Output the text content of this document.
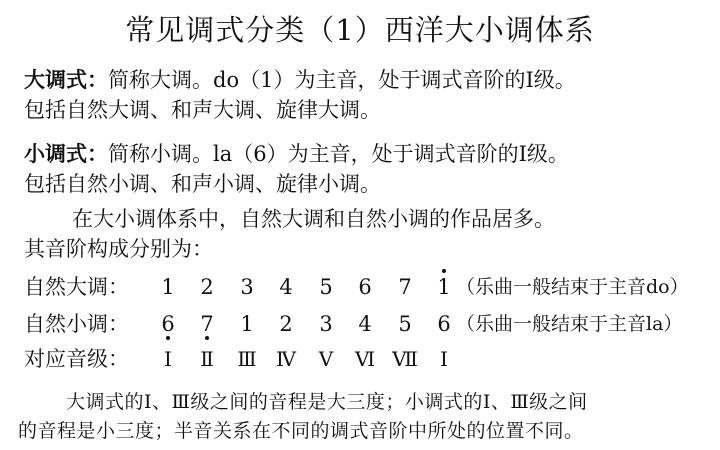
常见调式分类（1）西洋大小调体系
大调式：简称大调。do（1）为主音，处于调式音阶的Ⅰ级。
包括自然大调、和声大调、旋律大调。
小调式：简称小调。la（6）为主音，处于调式音阶的Ⅰ级。
包括自然小调、和声小调、旋律小调。
在大小调体系中，自然大调和自然小调的作品居多。
其音阶构成分别为：
自然大调：	1	2	3	4	5	6	7	1 （乐曲一般结束于主音do）
自然小调：	6	7	1	2	3	4	5	6 （乐曲一般结束于主音la）
对应音级：	Ⅰ	Ⅱ	Ⅲ Ⅳ Ⅴ Ⅵ Ⅶ	Ⅰ
大调式的Ⅰ、Ⅲ级之间的音程是大三度；小调式的Ⅰ、Ⅲ级之间
的音程是小三度；半音关系在不同的调式音阶中所处的位置不同。
